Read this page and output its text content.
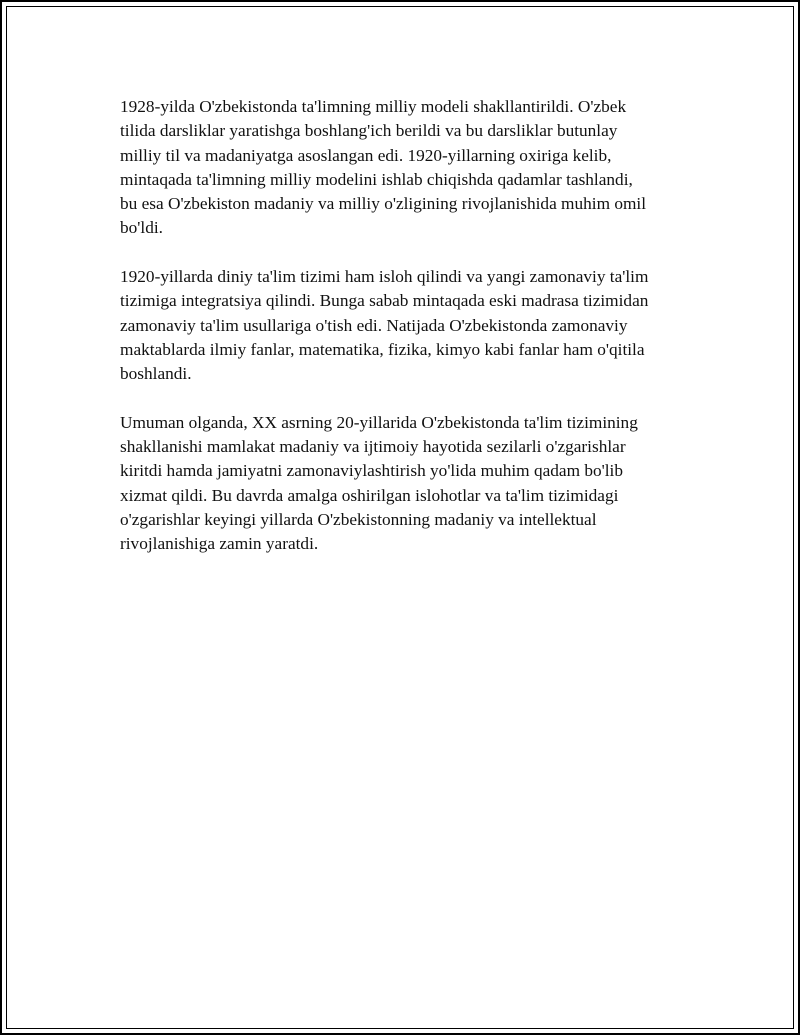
1928-yilda O'zbekistonda ta'limning milliy modeli shakllantirildi. O'zbek
tilida darsliklar yaratishga boshlang'ich berildi va bu darsliklar butunlay
milliy til va madaniyatga asoslangan edi. 1920-yillarning oxiriga kelib,
mintaqada ta'limning milliy modelini ishlab chiqishda qadamlar tashlandi,
bu esa O'zbekiston madaniy va milliy o'zligining rivojlanishida muhim omil
bo'ldi.

1920-yillarda diniy ta'lim tizimi ham isloh qilindi va yangi zamonaviy ta'lim
tizimiga integratsiya qilindi. Bunga sabab mintaqada eski madrasa tizimidan
zamonaviy ta'lim usullariga o'tish edi. Natijada O'zbekistonda zamonaviy
maktablarda ilmiy fanlar, matematika, fizika, kimyo kabi fanlar ham o'qitila
boshlandi.

Umuman olganda, XX asrning 20-yillarida O'zbekistonda ta'lim tizimining
shakllanishi mamlakat madaniy va ijtimoiy hayotida sezilarli o'zgarishlar
kiritdi hamda jamiyatni zamonaviylashtirish yo'lida muhim qadam bo'lib
xizmat qildi. Bu davrda amalga oshirilgan islohotlar va ta'lim tizimidagi
o'zgarishlar keyingi yillarda O'zbekistonning madaniy va intellektual
rivojlanishiga zamin yaratdi.
